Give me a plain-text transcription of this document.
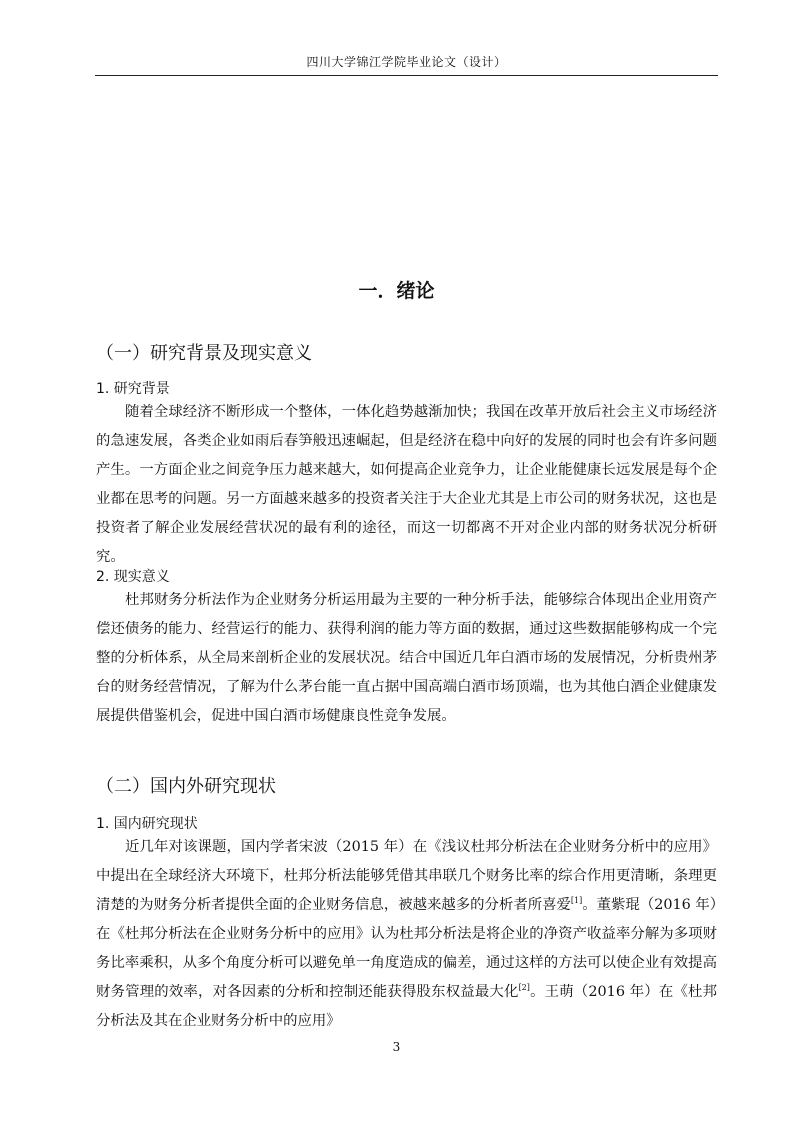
四川大学锦江学院毕业论文（设计）
一．绪论
（一）研究背景及现实意义
1. 研究背景

随着全球经济不断形成一个整体，一体化趋势越渐加快；我国在改革开放后社会主义市场经济的急速发展，各类企业如雨后春笋般迅速崛起，但是经济在稳中向好的发展的同时也会有许多问题产生。一方面企业之间竞争压力越来越大，如何提高企业竞争力，让企业能健康长远发展是每个企业都在思考的问题。另一方面越来越多的投资者关注于大企业尤其是上市公司的财务状况，这也是投资者了解企业发展经营状况的最有利的途径，而这一切都离不开对企业内部的财务状况分析研究。

2. 现实意义

杜邦财务分析法作为企业财务分析运用最为主要的一种分析手法，能够综合体现出企业用资产偿还债务的能力、经营运行的能力、获得利润的能力等方面的数据，通过这些数据能够构成一个完整的分析体系，从全局来剖析企业的发展状况。结合中国近几年白酒市场的发展情况，分析贵州茅台的财务经营情况，了解为什么茅台能一直占据中国高端白酒市场顶端，也为其他白酒企业健康发展提供借鉴机会，促进中国白酒市场健康良性竞争发展。

（二）国内外研究现状
1. 国内研究现状

近几年对该课题，国内学者宋波（2015 年）在《浅议杜邦分析法在企业财务分析中的应用》中提出在全球经济大环境下，杜邦分析法能够凭借其串联几个财务比率的综合作用更清晰，条理更清楚的为财务分析者提供全面的企业财务信息，被越来越多的分析者所喜爱[1]。董紫琨（2016 年）在《杜邦分析法在企业财务分析中的应用》认为杜邦分析法是将企业的净资产收益率分解为多项财务比率乘积，从多个角度分析可以避免单一角度造成的偏差，通过这样的方法可以使企业有效提高财务管理的效率，对各因素的分析和控制还能获得股东权益最大化[2]。王萌（2016 年）在《杜邦分析法及其在企业财务分析中的应用》

3
